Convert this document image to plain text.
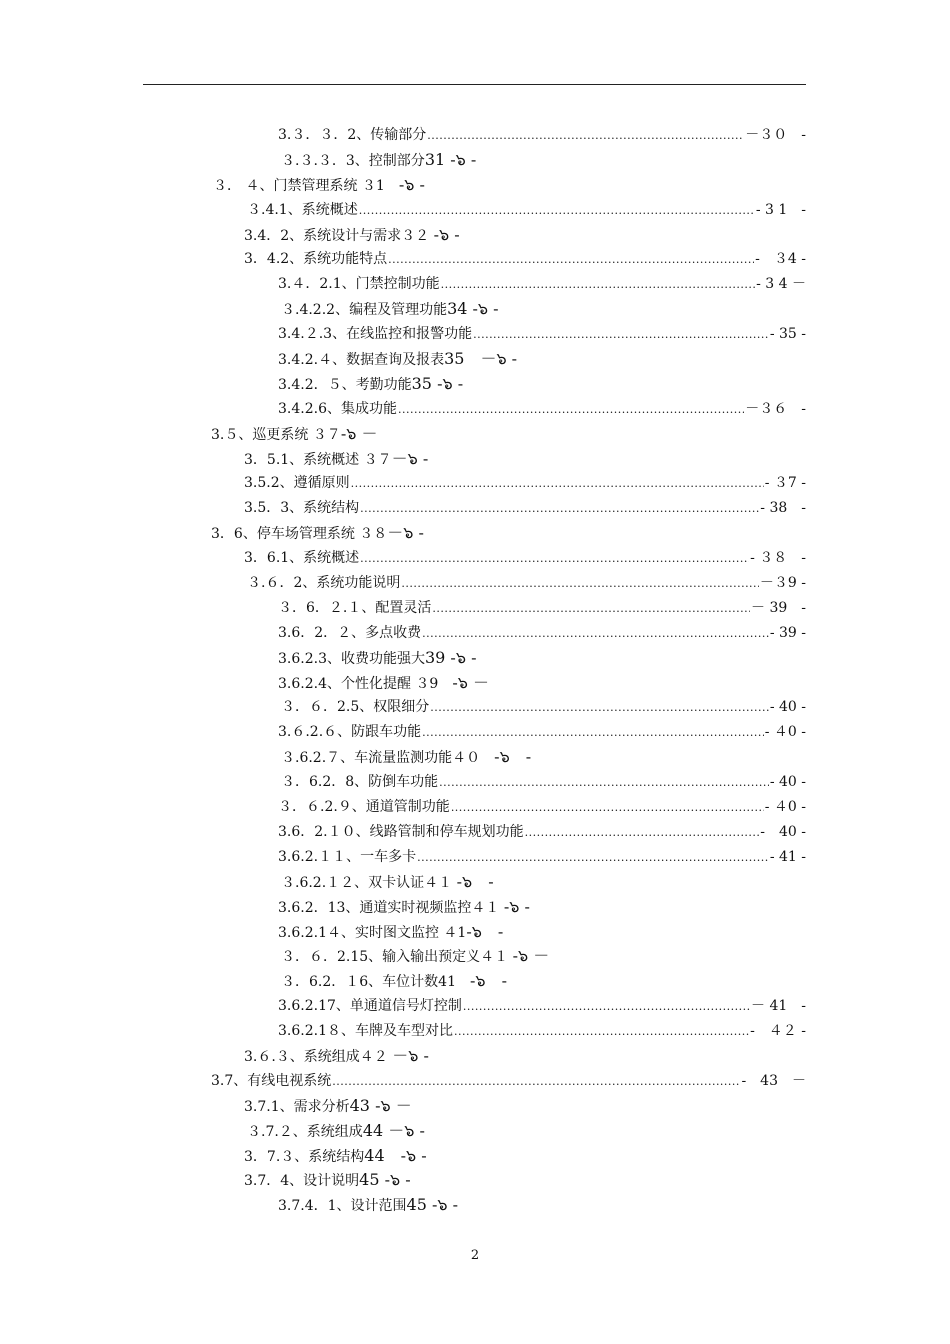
3.３．３．2、传输部分 .....	－３０　-
３.３.３．3、控制部分31 -๖ -
３． ４、门禁管理系统 ３1　-๖ -
３.4.1、系统概述 .....	- 3 1　-
3.4．2、系统设计与需求３２ -๖ -
3．4.2、系统功能特点 .....	-　３4 -
3.４．2.1、门禁控制功能 .....	- 3 4 －
３.4.2.2、编程及管理功能34 -๖ -
3.4.２.3、在线监控和报警功能 .....	- 35 -
3.4.2.４、数据查询及报表35　－๖ -
3.4.2．５、考勤功能35 -๖ -
3.4.2.6、集成功能 .....	－３６　-
3.５、巡更系统 ３７-๖ －
3．5.1、系统概述 ３７－๖ -
3.5.2、遵循原则 .....	- ３7 -
3.5．3、系统结构 .....	- 38　-
3．6、停车场管理系统 ３８－๖ -
3．6.1、系统概述 .....	- ３８　-
３.６．2、系统功能说明 .....	－３9 -
３．6．２.１、配置灵活 .....	－ 39　-
3.6．2．２、多点收费 .....	- 39 -
3.6.2.3、收费功能强大39 -๖ -
3.6.2.4、个性化提醒 ３9　-๖ －
３．６．2.5、权限细分 .....	- 40 -
3.６.2.６、防跟车功能 .....	- ４0 -
３.6.2.７、车流量监测功能４０　-๖　-
３．6.2．8、防倒车功能 .....	- 40 -
３．６.2.９、通道管制功能 .....	- ４0 -
3.6．2.１０、线路管制和停车规划功能 .....	-　40 -
3.6.2.１１、一车多卡 .....	- 41 -
３.6.2.１２、双卡认证４１ -๖　-
3.6.2．13、通道实时视频监控４１ -๖ -
3.6.2.1４、实时图文监控 ４1-๖　-
３．６．2.15、输入输出预定义４１ -๖ －
３．6.2．１6、车位计数41　-๖　-
3.6.2.17、单通道信号灯控制 .....	－ 41　-
3.6.2.1８、车牌及车型对比 .....	-　４２ -
3.６.３、系统组成４２ －๖ -
3.7、有线电视系统 .....	-　43　－
3.7.1、需求分析43 -๖ －
３.7.２、系统组成44 －๖ -
3．7.３、系统结构44　-๖ -
3.7．4、设计说明45 -๖ -
3.7.4．1、设计范围45 -๖ -
2
